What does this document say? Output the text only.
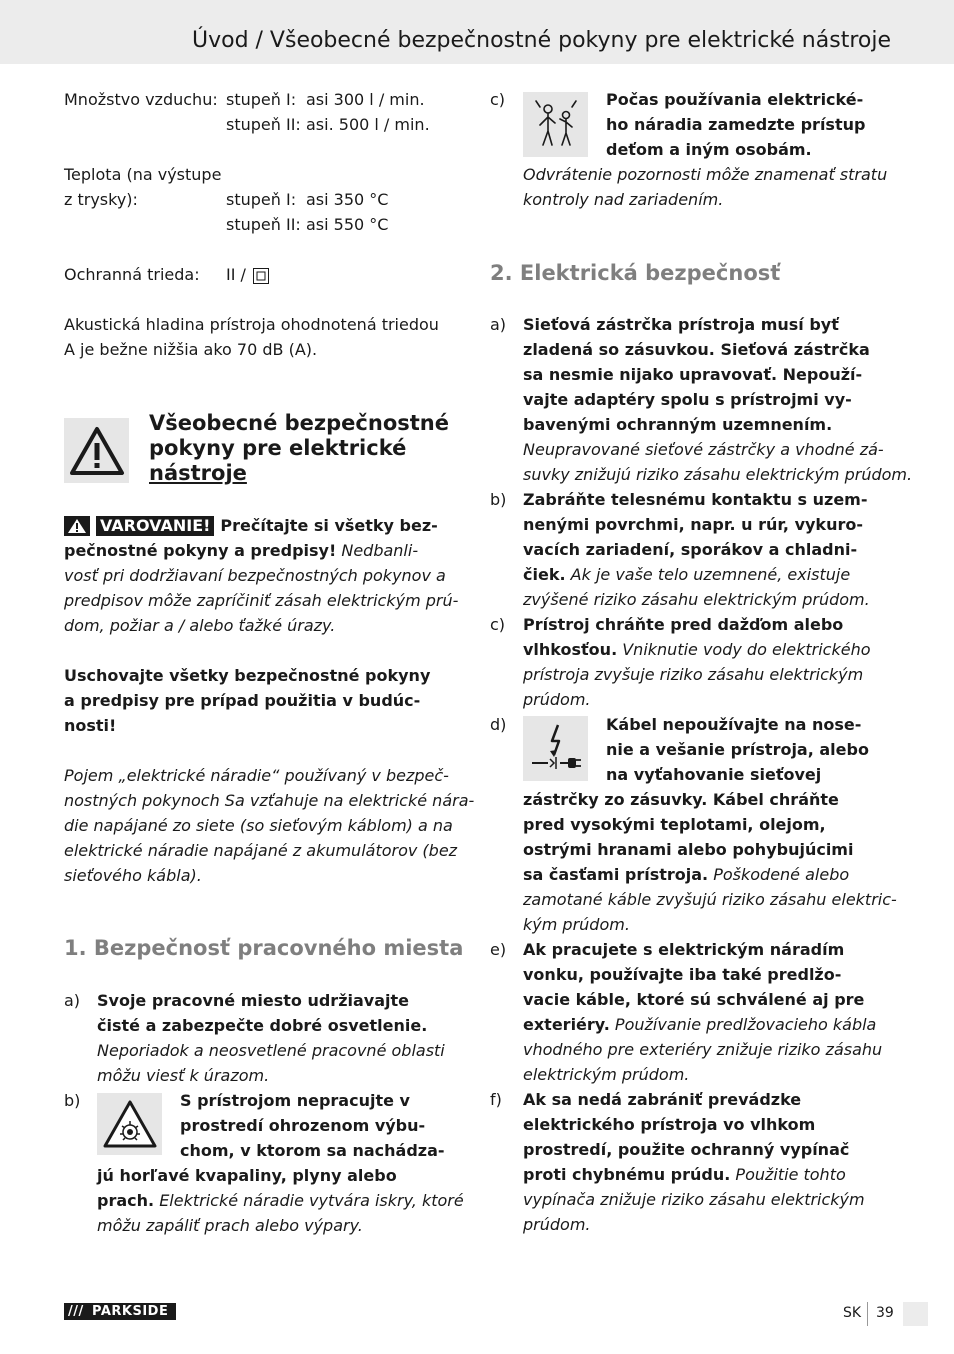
Úvod / Všeobecné bezpečnostné pokyny pre elektrické nástroje
Množstvo vzduchu: stupeň I: asi 300 l / min.
stupeň II: asi. 500 l / min.
Teplota (na výstupe
z trysky):	stupeň I: asi 350 °C
stupeň II: asi 550 °C
Ochranná trieda: II /
Akustická hladina prístroja ohodnotená triedou
A je bežne nižšia ako 70 dB (A).
Všeobecné bezpečnostné
pokyny pre elektrické
nástroje
VAROVANIE! Prečítajte si všetky bez-
pečnostné pokyny a predpisy! Nedbanli-
vosť pri dodržiavaní bezpečnostných pokynov a
predpisov môže zapríčiniť zásah elektrickým prú-
dom, požiar a / alebo ťažké úrazy.
Uschovajte všetky bezpečnostné pokyny
a predpisy pre prípad použitia v budúc-
nosti!
Pojem „elektrické náradie“ používaný v bezpeč-
nostných pokynoch Sa vzťahuje na elektrické nára-
die napájané zo siete (so sieťovým káblom) a na
elektrické náradie napájané z akumulátorov (bez
sieťového kábla).
1. Bezpečnosť pracovného miesta
a) Svoje pracovné miesto udržiavajte
čisté a zabezpečte dobré osvetlenie.
Neporiadok a neosvetlené pracovné oblasti
môžu viesť k úrazom.
b)	S prístrojom nepracujte v
prostredí ohrozenom výbu-
chom, v ktorom sa nachádza-
jú horľavé kvapaliny, plyny alebo
prach. Elektrické náradie vytvára iskry, ktoré
môžu zapáliť prach alebo výpary.
c)	Počas používania elektrické-
ho náradia zamedzte prístup
deťom a iným osobám.
Odvrátenie pozornosti môže znamenať stratu
kontroly nad zariadením.
2. Elektrická bezpečnosť
a) Sieťová zástrčka prístroja musí byť
zladená so zásuvkou. Sieťová zástrčka
sa nesmie nijako upravovať. Nepouží-
vajte adaptéry spolu s prístrojmi vy-
bavenými ochranným uzemnením.
Neupravované sieťové zástrčky a vhodné zá-
suvky znižujú riziko zásahu elektrickým prúdom.
b) Zabráňte telesnému kontaktu s uzem-
nenými povrchmi, napr. u rúr, vykuro-
vacích zariadení, sporákov a chladni-
čiek. Ak je vaše telo uzemnené, existuje
zvýšené riziko zásahu elektrickým prúdom.
c) Prístroj chráňte pred dažďom alebo
vlhkosťou. Vniknutie vody do elektrického
prístroja zvyšuje riziko zásahu elektrickým
prúdom.
d)	Kábel nepoužívajte na nose-
nie a vešanie prístroja, alebo
na vyťahovanie sieťovej
zástrčky zo zásuvky. Kábel chráňte
pred vysokými teplotami, olejom,
ostrými hranami alebo pohybujúcimi
sa časťami prístroja. Poškodené alebo
zamotané káble zvyšujú riziko zásahu elektric-
kým prúdom.
e) Ak pracujete s elektrickým náradím
vonku, používajte iba také predlžo-
vacie káble, ktoré sú schválené aj pre
exteriéry. Používanie predlžovacieho kábla
vhodného pre exteriéry znižuje riziko zásahu
elektrickým prúdom.
f) Ak sa nedá zabrániť prevádzke
elektrického prístroja vo vlhkom
prostredí, použite ochranný vypínač
proti chybnému prúdu. Použitie tohto
vypínača znižuje riziko zásahu elektrickým
prúdom.
/// PARKSIDE	SK 39
